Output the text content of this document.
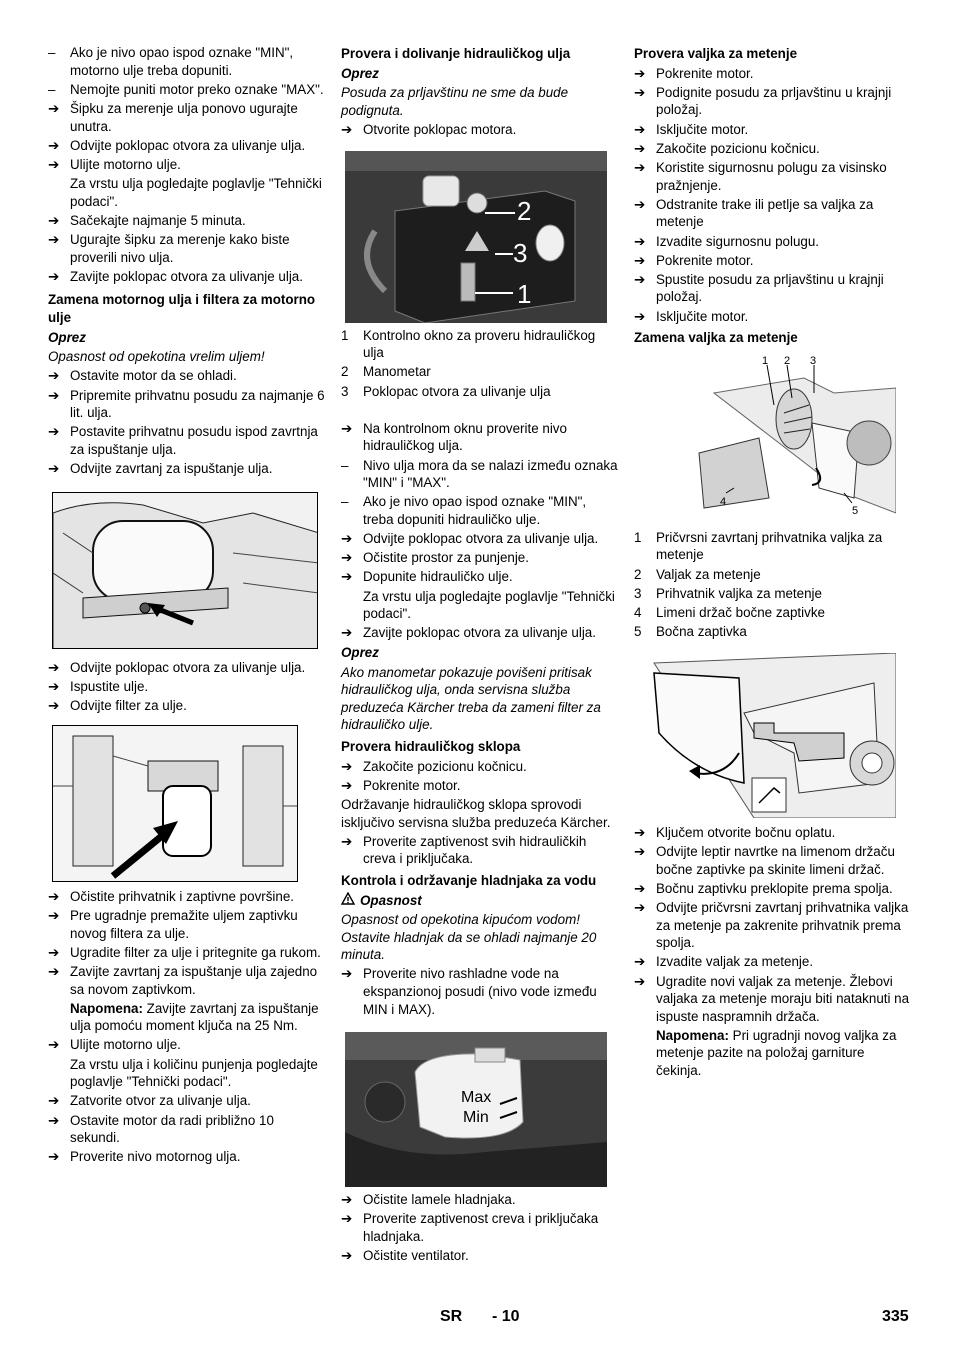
–	Ako je nivo opao ispod oznake "MIN", motorno ulje treba dopuniti.
–	Nemojte puniti motor preko oznake "MAX".
➔ Šipku za merenje ulja ponovo ugurajte unutra.
➔ Odvijte poklopac otvora za ulivanje ulja.
➔ Ulijte motorno ulje.
Za vrstu ulja pogledajte poglavlje "Tehnički podaci".
➔ Sačekajte najmanje 5 minuta.
➔ Ugurajte šipku za merenje kako biste proverili nivo ulja.
➔ Zavijte poklopac otvora za ulivanje ulja.
Zamena motornog ulja i filtera za motorno ulje
Oprez
Opasnost od opekotina vrelim uljem!
➔ Ostavite motor da se ohladi.
➔ Pripremite prihvatnu posudu za najmanje 6 lit. ulja.
➔ Postavite prihvatnu posudu ispod zavrtnja za ispuštanje ulja.
➔ Odvijte zavrtanj za ispuštanje ulja.
➔ Odvijte poklopac otvora za ulivanje ulja.
➔ Ispustite ulje.
➔ Odvijte filter za ulje.
➔ Očistite prihvatnik i zaptivne površine.
➔ Pre ugradnje premažite uljem zaptivku novog filtera za ulje.
➔ Ugradite filter za ulje i pritegnite ga rukom.
➔ Zavijte zavrtanj za ispuštanje ulja zajedno sa novom zaptivkom.
Napomena: Zavijte zavrtanj za ispuštanje ulja pomoću moment ključa na 25 Nm.
➔ Ulijte motorno ulje.
Za vrstu ulja i količinu punjenja pogledajte poglavlje "Tehnički podaci".
➔ Zatvorite otvor za ulivanje ulja.
➔ Ostavite motor da radi približno 10 sekundi.
➔ Proverite nivo motornog ulja.
Provera i dolivanje hidrauličkog ulja
Oprez
Posuda za prljavštinu ne sme da bude podignuta.
➔ Otvorite poklopac motora.
2
3
1
1	Kontrolno okno za proveru hidrauličkog ulja
2	Manometar
3	Poklopac otvora za ulivanje ulja
➔ Na kontrolnom oknu proverite nivo hidrauličkog ulja.
–	Nivo ulja mora da se nalazi između oznaka "MIN" i "MAX".
–	Ako je nivo opao ispod oznake "MIN", treba dopuniti hidrauličko ulje.
➔ Odvijte poklopac otvora za ulivanje ulja.
➔ Očistite prostor za punjenje.
➔ Dopunite hidrauličko ulje.
Za vrstu ulja pogledajte poglavlje "Tehnički podaci".
➔ Zavijte poklopac otvora za ulivanje ulja.
Oprez
Ako manometar pokazuje povišeni pritisak hidrauličkog ulja, onda servisna služba preduzeća Kärcher treba da zameni filter za hidrauličko ulje.
Provera hidrauličkog sklopa
➔ Zakočite pozicionu kočnicu.
➔ Pokrenite motor.
Održavanje hidrauličkog sklopa sprovodi isključivo servisna služba preduzeća Kärcher.
➔ Proverite zaptivenost svih hidrauličkih creva i priključaka.
Kontrola i održavanje hladnjaka za vodu
Opasnost
Opasnost od opekotina kipućom vodom! Ostavite hladnjak da se ohladi najmanje 20 minuta.
➔ Proverite nivo rashladne vode na ekspanzionoj posudi (nivo vode između MIN i MAX).
Max
Min
➔ Očistite lamele hladnjaka.
➔ Proverite zaptivenost creva i priključaka hladnjaka.
➔ Očistite ventilator.
Provera valjka za metenje
➔ Pokrenite motor.
➔ Podignite posudu za prljavštinu u krajnji položaj.
➔ Isključite motor.
➔ Zakočite pozicionu kočnicu.
➔ Koristite sigurnosnu polugu za visinsko pražnjenje.
➔ Odstranite trake ili petlje sa valjka za metenje
➔ Izvadite sigurnosnu polugu.
➔ Pokrenite motor.
➔ Spustite posudu za prljavštinu u krajnji položaj.
➔ Isključite motor.
Zamena valjka za metenje
1 2 3
4
5
1	Pričvrsni zavrtanj prihvatnika valjka za metenje
2	Valjak za metenje
3	Prihvatnik valjka za metenje
4	Limeni držač bočne zaptivke
5	Bočna zaptivka
➔ Ključem otvorite bočnu oplatu.
➔ Odvijte leptir navrtke na limenom držaču bočne zaptivke pa skinite limeni držač.
➔ Bočnu zaptivku preklopite prema spolja.
➔ Odvijte pričvrsni zavrtanj prihvatnika valjka za metenje pa zakrenite prihvatnik prema spolja.
➔ Izvadite valjak za metenje.
➔ Ugradite novi valjak za metenje. Žlebovi valjaka za metenje moraju biti nataknuti na ispuste naspramnih držača.
Napomena: Pri ugradnji novog valjka za metenje pazite na položaj garniture čekinja.
SR - 10	335
